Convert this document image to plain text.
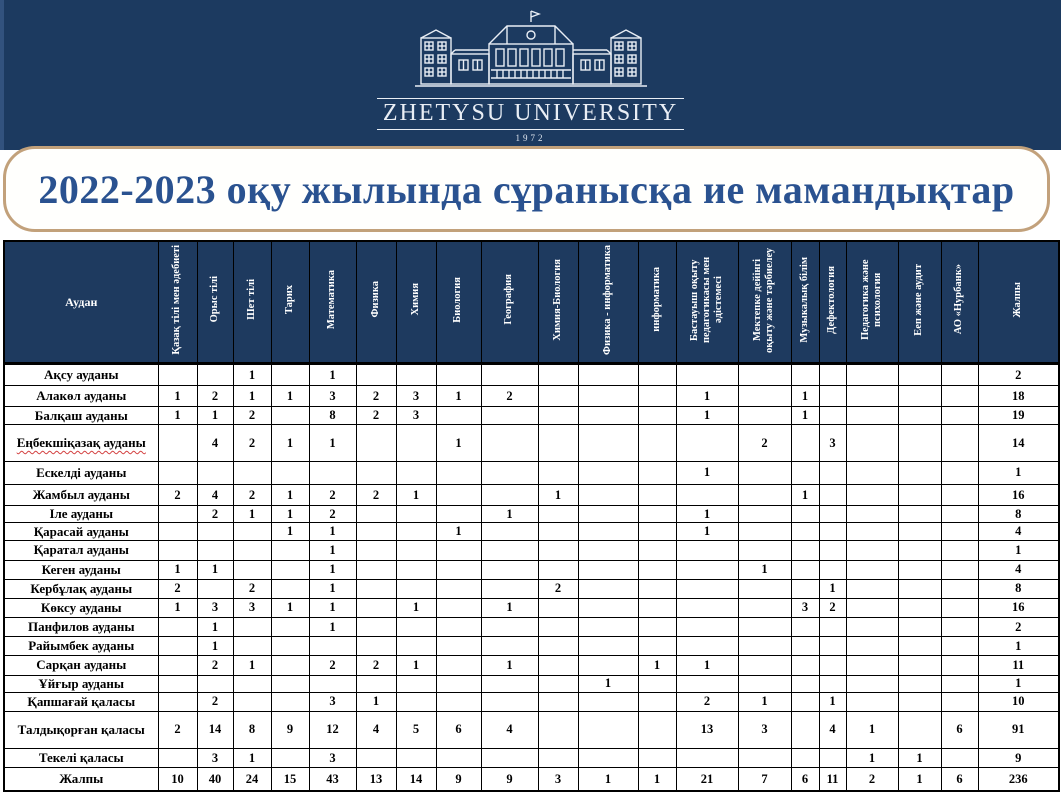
ZHETYSU UNIVERSITY
1972
2022-2023 оқу жылында сұранысқа ие мамандықтар
Аудан	Қазақ тілі мен әдебиеті	Орыс тілі	Шет тілі	Тарих	Математика	Физика	Химия	Биология	География	Химия-Биология	Физика - информатика	информатика	Бастауыш оқыту педагогикасы мен әдістемесі	Мектепке дейінгі оқыту және тәрбиелеу	Музыкалық білім	Дефектология	Педагогика және психология	Ееп және аудит	АО «Нурбанк»	Жалпы
Ақсу ауданы			1		1															2
Алакөл ауданы	1	2	1	1	3	2	3	1	2				1		1					18
Балқаш ауданы	1	1	2		8	2	3						1		1					19
Еңбекшіқазақ ауданы		4	2	1	1			1						2		3				14
Ескелді ауданы													1							1
Жамбыл ауданы	2	4	2	1	2	2	1			1					1					16
Іле ауданы		2	1	1	2				1				1							8
Қарасай ауданы				1	1			1					1							4
Қаратал ауданы					1															1
Кеген ауданы	1	1			1									1						4
Кербұлақ ауданы	2		2		1					2						1				8
Көксу ауданы	1	3	3	1	1		1		1						3	2				16
Панфилов ауданы		1			1															2
Райымбек ауданы		1																		1
Сарқан ауданы		2	1		2	2	1		1			1	1							11
Ұйғыр ауданы											1									1
Қапшағай қаласы		2			3	1							2	1		1				10
Талдықорған қаласы	2	14	8	9	12	4	5	6	4				13	3		4	1		6	91
Текелі қаласы		3	1		3												1	1		9
Жалпы	10	40	24	15	43	13	14	9	9	3	1	1	21	7	6	11	2	1	6	236
